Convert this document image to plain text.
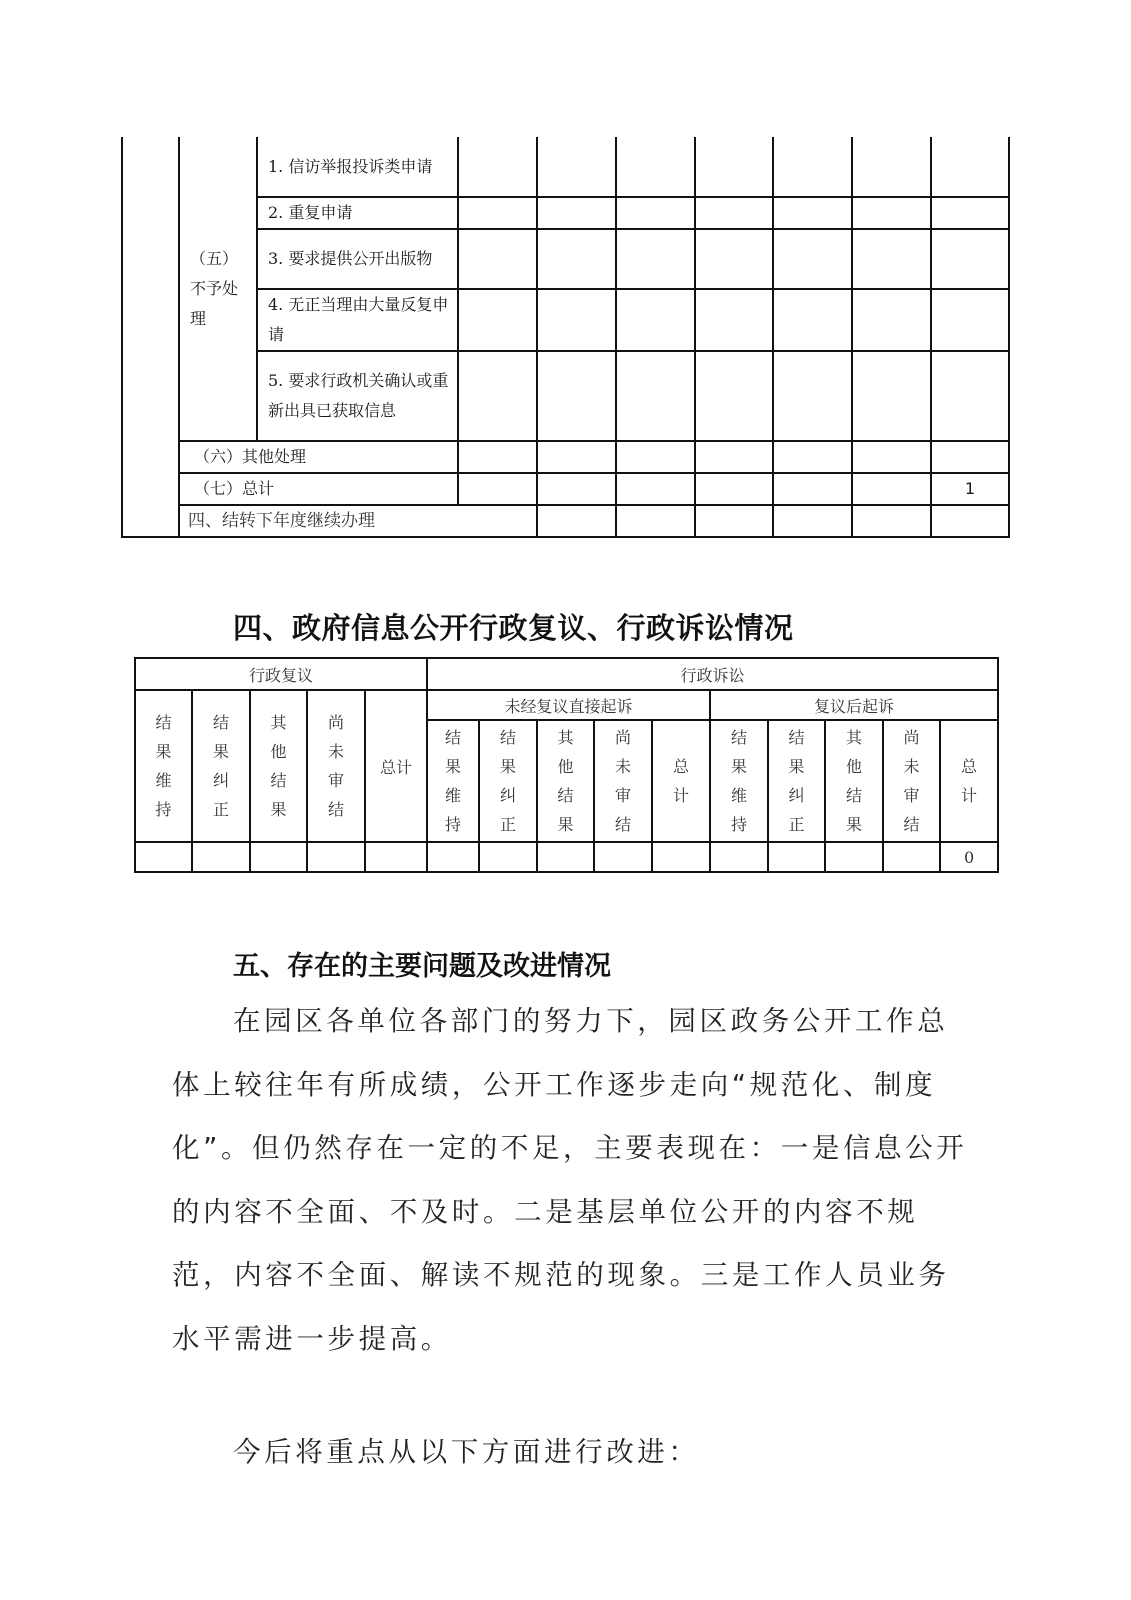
	（五）不予处理	1. 信访举报投诉类申请								
		2. 重复申请								
		3. 要求提供公开出版物								
		4. 无正当理由大量反复申请								
		5. 要求行政机关确认或重新出具已获取信息								
	（六）其他处理									
	（七）总计								1	
	四、结转下年度继续办理									
四、政府信息公开行政复议、行政诉讼情况
行政复议					行政诉讼									
结果维持	结果纠正	其他结果	尚未审结	总计	未经复议直接起诉					复议后起诉				
					结果维持	结果纠正	其他结果	尚未审结	总计	结果维持	结果纠正	其他结果	尚未审结	总计
														0
五、存在的主要问题及改进情况
在园区各单位各部门的努力下，园区政务公开工作总体上较往年有所成绩，公开工作逐步走向“规范化、制度化”。但仍然存在一定的不足，主要表现在：一是信息公开的内容不全面、不及时。二是基层单位公开的内容不规范，内容不全面、解读不规范的现象。三是工作人员业务水平需进一步提高。
今后将重点从以下方面进行改进：
